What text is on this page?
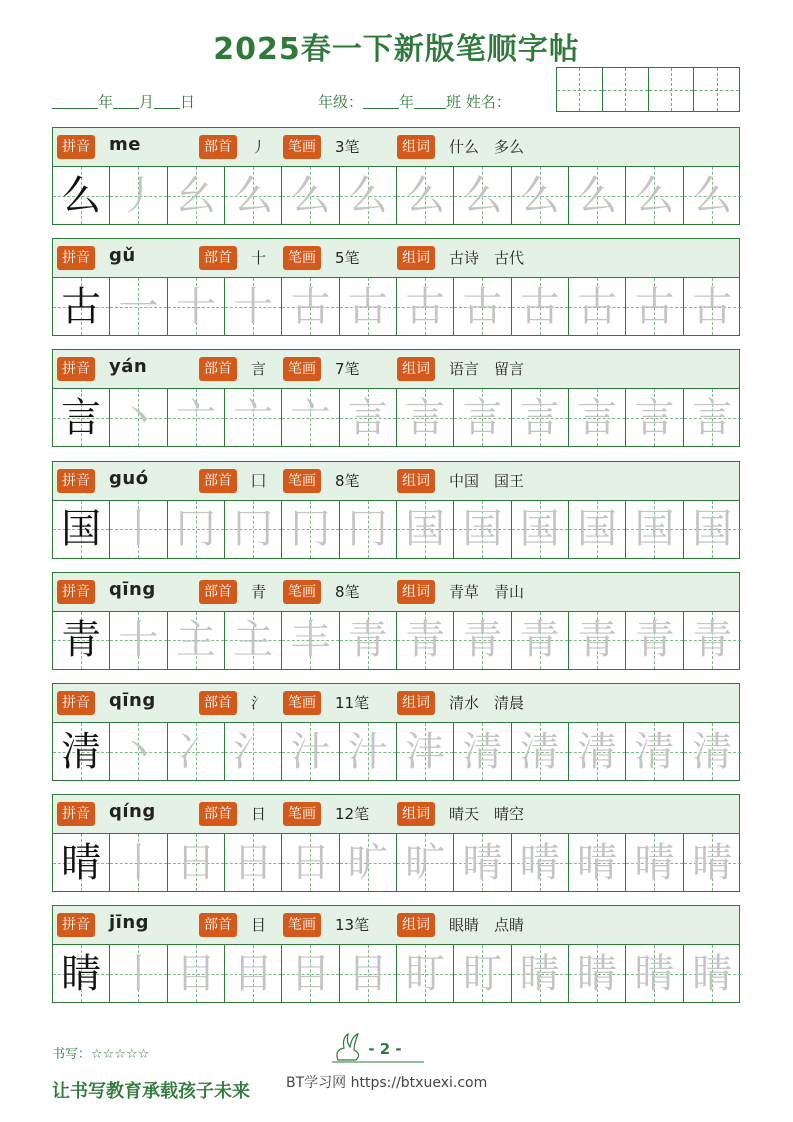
2025春一下新版笔顺字帖
年 月 日	年级： 年 班 姓名：
拼音 me	部首	丿	笔画	3笔	组词	什么　多么
么 丿 幺 么 么 么 么 么 么 么 么 么
拼音 gǔ	部首	十	笔画	5笔	组词	古诗　古代
古 一 十 十 古 古 古 古 古 古 古 古
拼音 yán	部首	言	笔画	7笔	组词	语言　留言
言 丶 亠 亠 亠 言 言 言 言 言 言 言
拼音 guó	部首	囗	笔画	8笔	组词	中国　国王
国 丨 冂 冂 冂 冂 国 国 国 国 国 国
拼音 qīng	部首	青	笔画	8笔	组词	青草　青山
青 十 主 主 丰 青 青 青 青 青 青 青
拼音 qīng	部首	氵	笔画	11笔	组词	清水　清晨
清 丶 冫 氵 汁 汁 沣 清 清 清 清 清
拼音 qíng	部首	日	笔画	12笔	组词	晴天　晴空
晴 丨 日 日 日 旷 旷 晴 晴 晴 晴 晴
拼音 jīng	部首	目	笔画	13笔	组词	眼睛　点睛
睛 丨 目 目 目 目 盯 盯 睛 睛 睛 睛
书写：☆☆☆☆☆	- 2 -
让书写教育承载孩子未来	BT学习网 https://btxuexi.com
